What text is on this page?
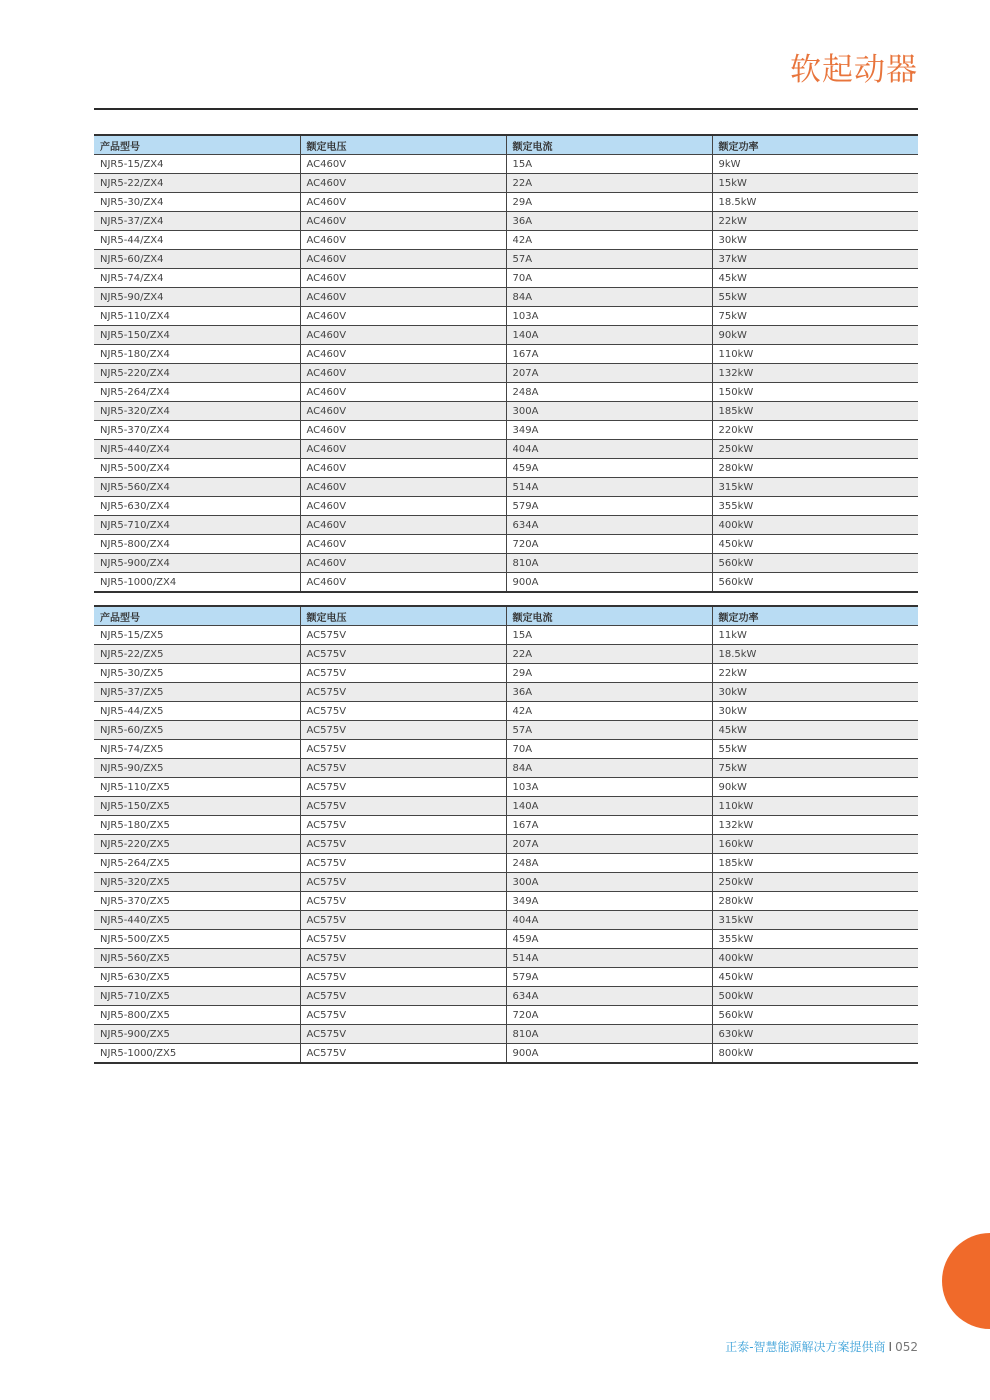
软起动器
产品型号	额定电压	额定电流	额定功率
NJR5-15/ZX4	AC460V	15A	9kW
NJR5-22/ZX4	AC460V	22A	15kW
NJR5-30/ZX4	AC460V	29A	18.5kW
NJR5-37/ZX4	AC460V	36A	22kW
NJR5-44/ZX4	AC460V	42A	30kW
NJR5-60/ZX4	AC460V	57A	37kW
NJR5-74/ZX4	AC460V	70A	45kW
NJR5-90/ZX4	AC460V	84A	55kW
NJR5-110/ZX4	AC460V	103A	75kW
NJR5-150/ZX4	AC460V	140A	90kW
NJR5-180/ZX4	AC460V	167A	110kW
NJR5-220/ZX4	AC460V	207A	132kW
NJR5-264/ZX4	AC460V	248A	150kW
NJR5-320/ZX4	AC460V	300A	185kW
NJR5-370/ZX4	AC460V	349A	220kW
NJR5-440/ZX4	AC460V	404A	250kW
NJR5-500/ZX4	AC460V	459A	280kW
NJR5-560/ZX4	AC460V	514A	315kW
NJR5-630/ZX4	AC460V	579A	355kW
NJR5-710/ZX4	AC460V	634A	400kW
NJR5-800/ZX4	AC460V	720A	450kW
NJR5-900/ZX4	AC460V	810A	560kW
NJR5-1000/ZX4	AC460V	900A	560kW
产品型号	额定电压	额定电流	额定功率
NJR5-15/ZX5	AC575V	15A	11kW
NJR5-22/ZX5	AC575V	22A	18.5kW
NJR5-30/ZX5	AC575V	29A	22kW
NJR5-37/ZX5	AC575V	36A	30kW
NJR5-44/ZX5	AC575V	42A	30kW
NJR5-60/ZX5	AC575V	57A	45kW
NJR5-74/ZX5	AC575V	70A	55kW
NJR5-90/ZX5	AC575V	84A	75kW
NJR5-110/ZX5	AC575V	103A	90kW
NJR5-150/ZX5	AC575V	140A	110kW
NJR5-180/ZX5	AC575V	167A	132kW
NJR5-220/ZX5	AC575V	207A	160kW
NJR5-264/ZX5	AC575V	248A	185kW
NJR5-320/ZX5	AC575V	300A	250kW
NJR5-370/ZX5	AC575V	349A	280kW
NJR5-440/ZX5	AC575V	404A	315kW
NJR5-500/ZX5	AC575V	459A	355kW
NJR5-560/ZX5	AC575V	514A	400kW
NJR5-630/ZX5	AC575V	579A	450kW
NJR5-710/ZX5	AC575V	634A	500kW
NJR5-800/ZX5	AC575V	720A	560kW
NJR5-900/ZX5	AC575V	810A	630kW
NJR5-1000/ZX5	AC575V	900A	800kW
正泰-智慧能源解决方案提供商 I 052
